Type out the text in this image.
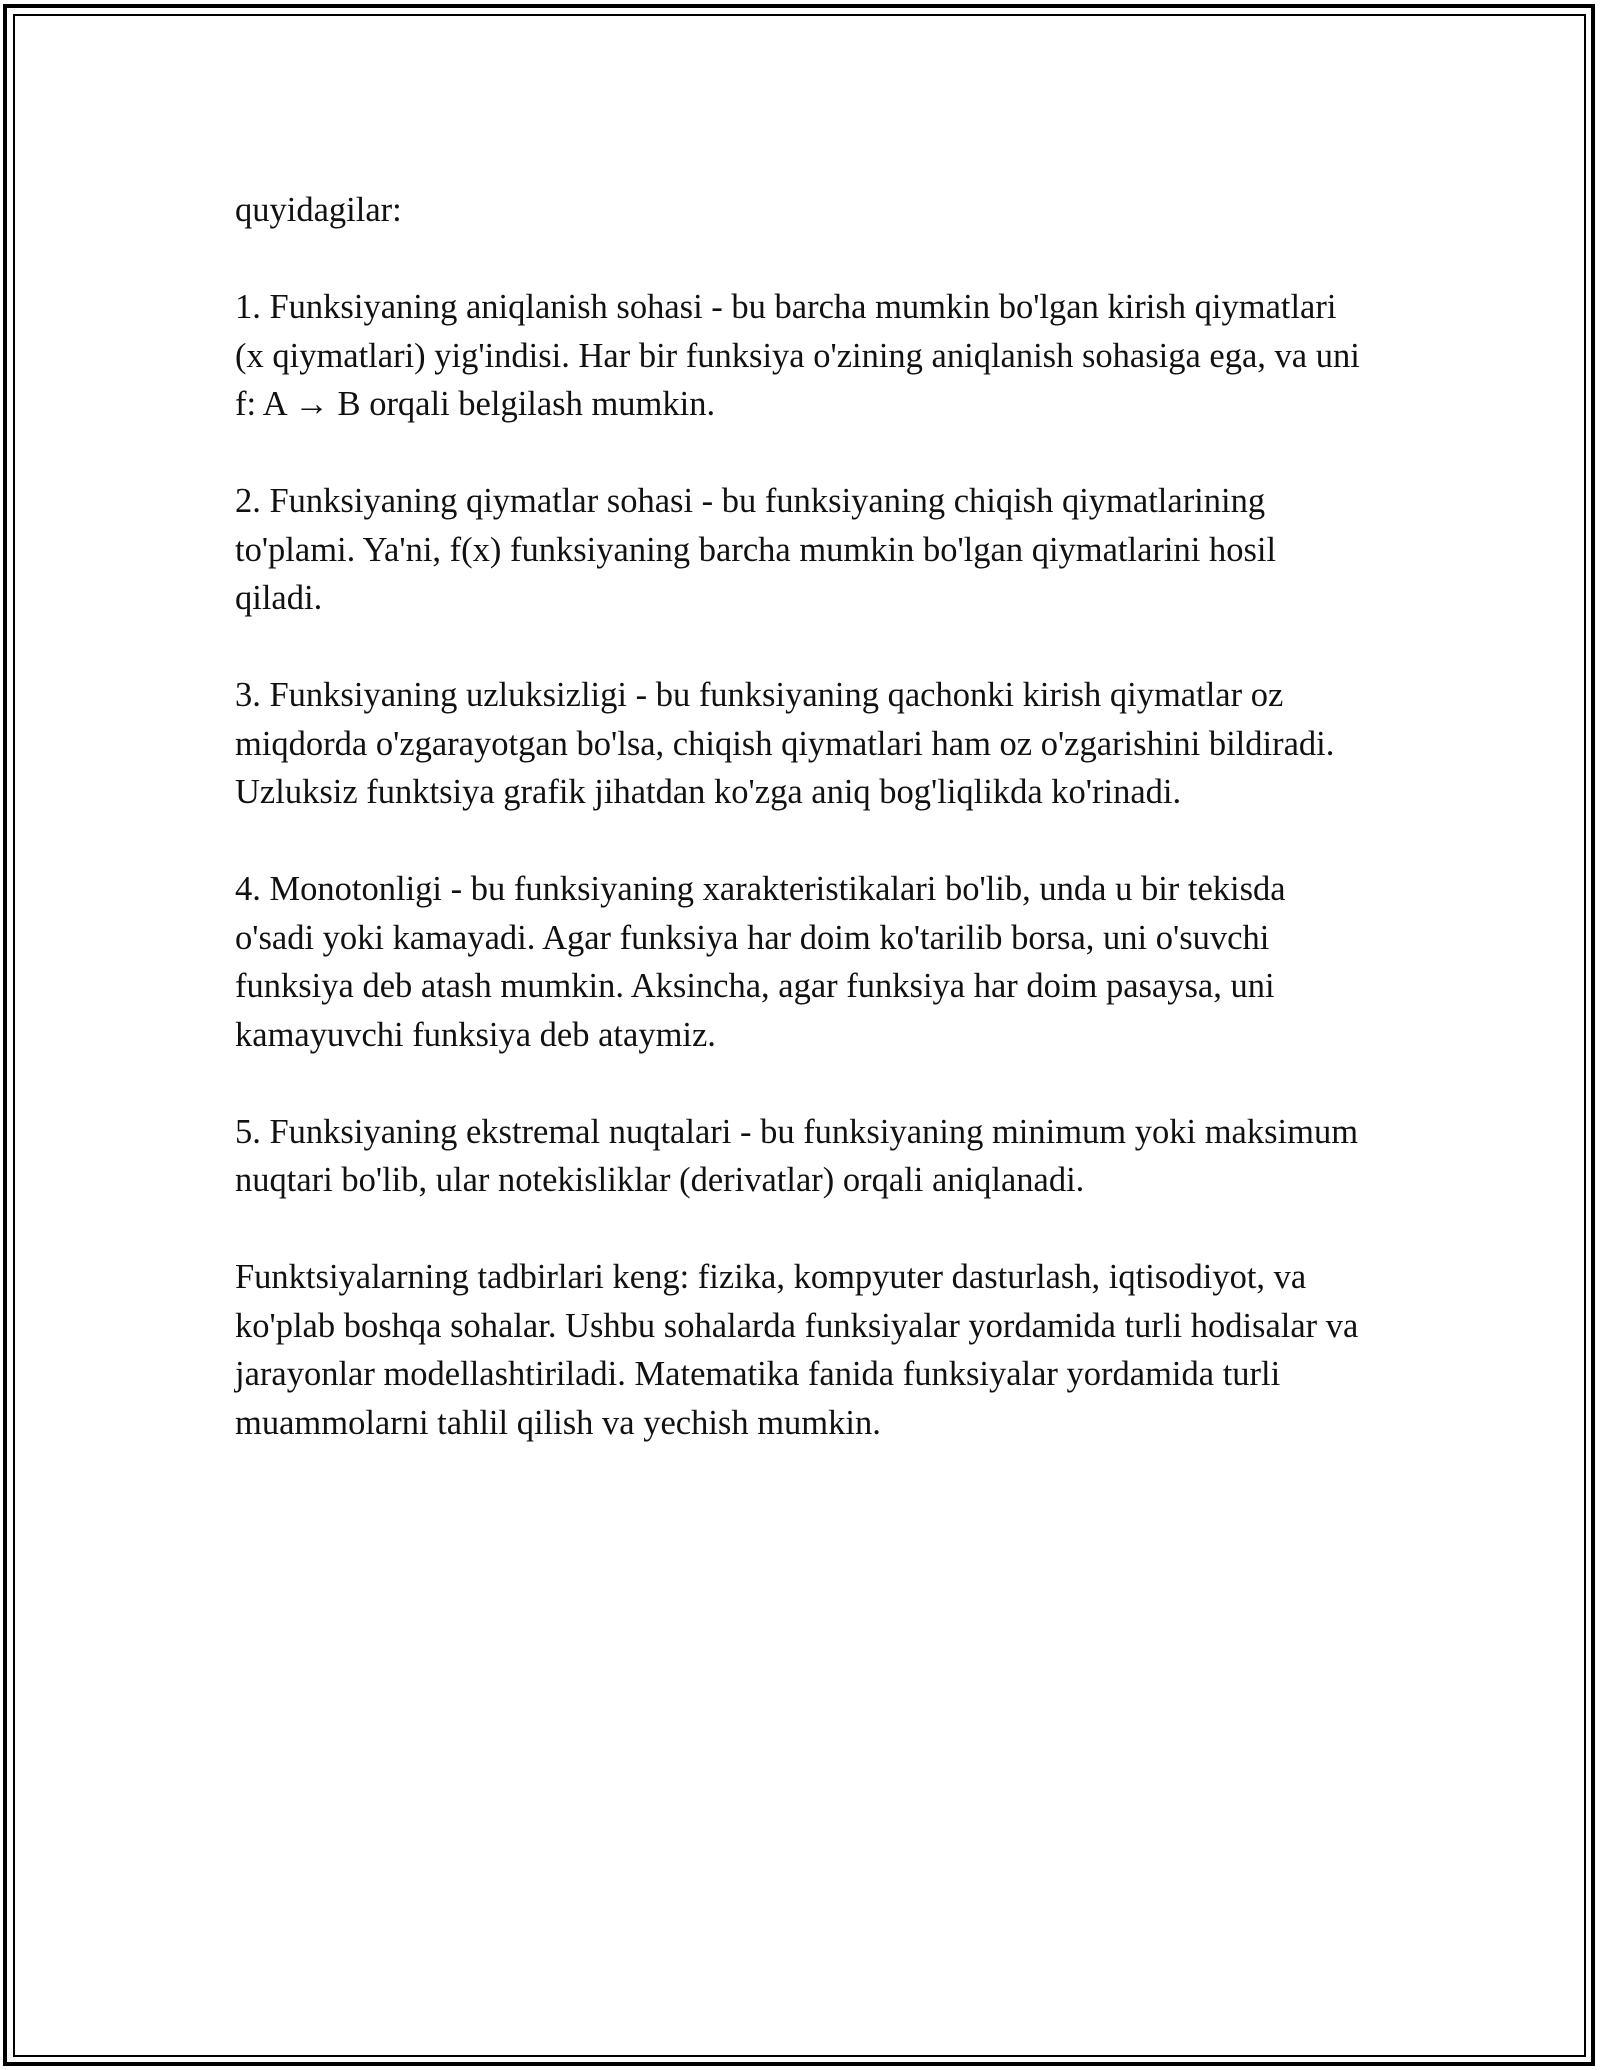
quyidagilar:

1. Funksiyaning aniqlanish sohasi - bu barcha mumkin bo'lgan kirish qiymatlari (x qiymatlari) yig'indisi. Har bir funksiya o'zining aniqlanish sohasiga ega, va uni f: A → B orqali belgilash mumkin.

2. Funksiyaning qiymatlar sohasi - bu funksiyaning chiqish qiymatlarining to'plami. Ya'ni, f(x) funksiyaning barcha mumkin bo'lgan qiymatlarini hosil qiladi.

3. Funksiyaning uzluksizligi - bu funksiyaning qachonki kirish qiymatlar oz miqdorda o'zgarayotgan bo'lsa, chiqish qiymatlari ham oz o'zgarishini bildiradi. Uzluksiz funktsiya grafik jihatdan ko'zga aniq bog'liqlikda ko'rinadi.

4. Monotonligi - bu funksiyaning xarakteristikalari bo'lib, unda u bir tekisda o'sadi yoki kamayadi. Agar funksiya har doim ko'tarilib borsa, uni o'suvchi funksiya deb atash mumkin. Aksincha, agar funksiya har doim pasaysa, uni kamayuvchi funksiya deb ataymiz.

5. Funksiyaning ekstremal nuqtalari - bu funksiyaning minimum yoki maksimum nuqtari bo'lib, ular notekisliklar (derivatlar) orqali aniqlanadi.

Funktsiyalarning tadbirlari keng: fizika, kompyuter dasturlash, iqtisodiyot, va ko'plab boshqa sohalar. Ushbu sohalarda funksiyalar yordamida turli hodisalar va jarayonlar modellashtiriladi. Matematika fanida funksiyalar yordamida turli muammolarni tahlil qilish va yechish mumkin.
